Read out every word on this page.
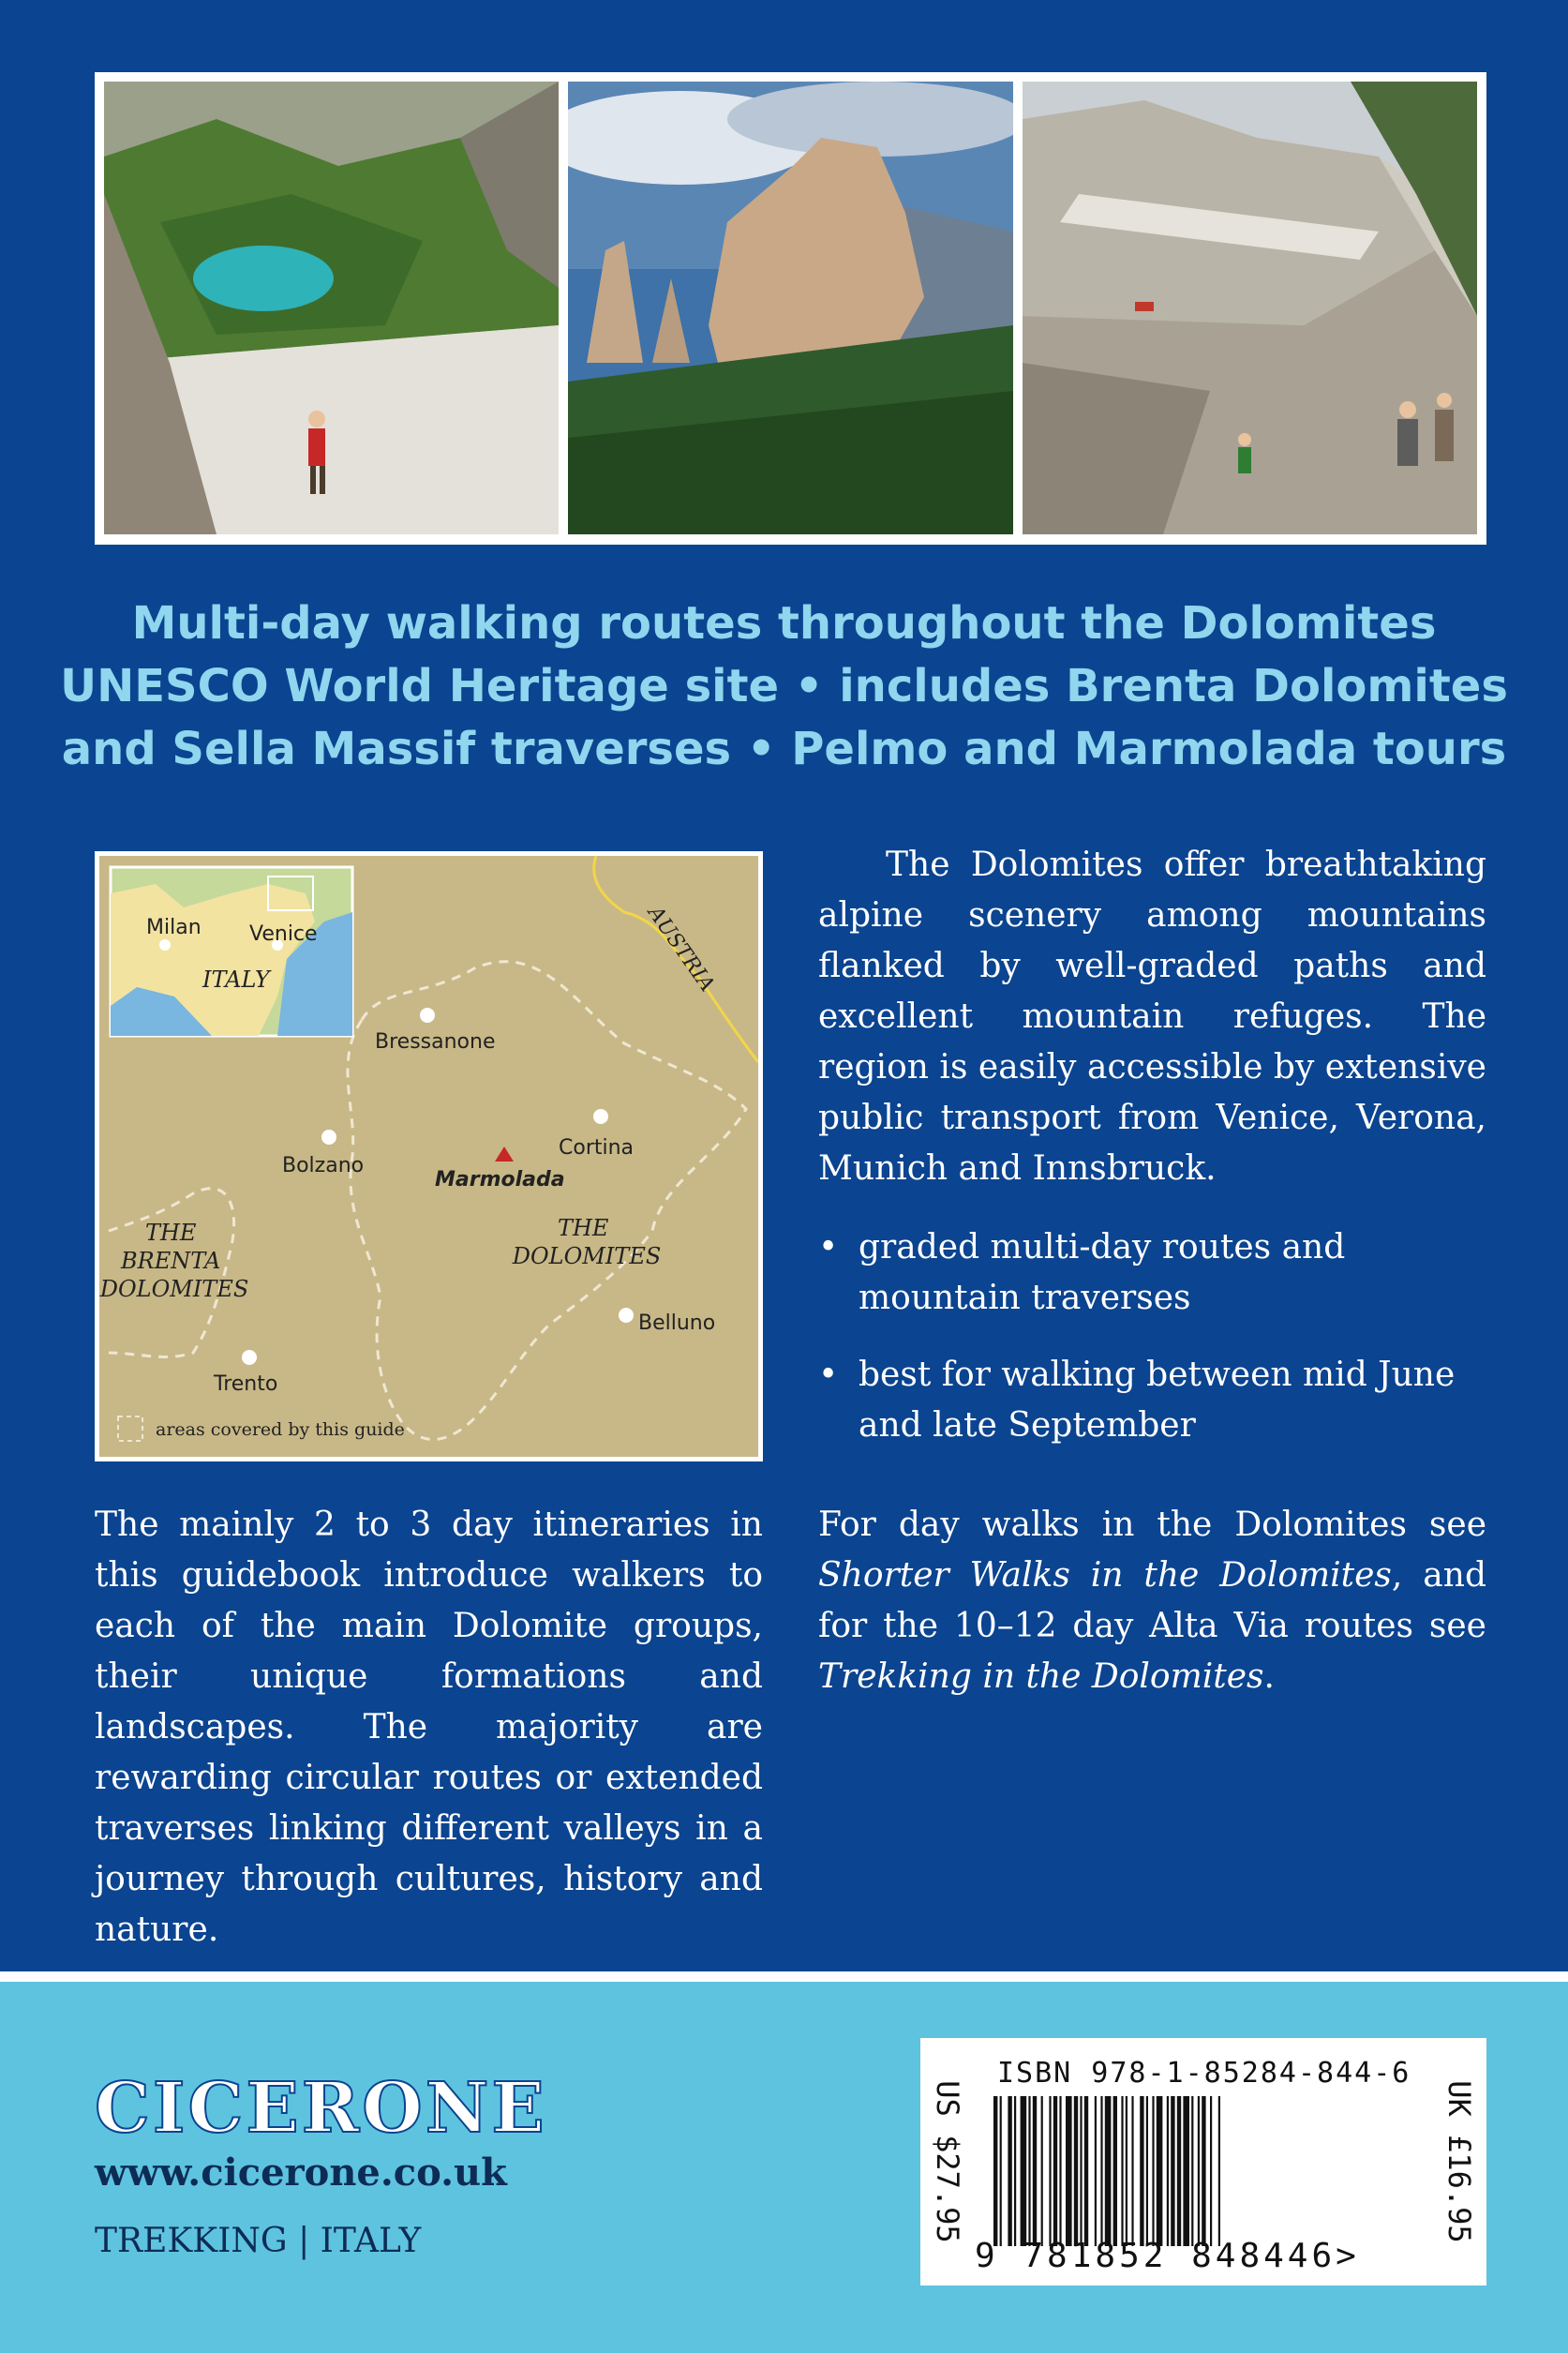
Multi-day walking routes throughout the Dolomites
UNESCO World Heritage site • includes Brenta Dolomites
and Sella Massif traverses • Pelmo and Marmolada tours
AUSTRIA
Milan Venice
ITALY
Bressanone
Bolzano
Cortina
Marmolada
Belluno
Trento
THE BRENTA DOLOMITES
THE DOLOMITES
areas covered by this guide
The Dolomites offer breathtaking alpine scenery among mountains flanked by well-graded paths and excellent mountain refuges. The region is easily accessible by extensive public transport from Venice, Verona, Munich and Innsbruck.
• graded multi-day routes and mountain traverses
• best for walking between mid June and late September
The mainly 2 to 3 day itineraries in this guidebook introduce walkers to each of the main Dolomite groups, their unique formations and landscapes. The majority are rewarding circular routes or extended traverses linking different valleys in a journey through cultures, history and nature.
For day walks in the Dolomites see Shorter Walks in the Dolomites, and for the 10–12 day Alta Via routes see Trekking in the Dolomites.
CICERONE
www.cicerone.co.uk
TREKKING | ITALY	US $27.95	UK £16.95
ISBN 978-1-85284-844-6
9 781852 848446>
